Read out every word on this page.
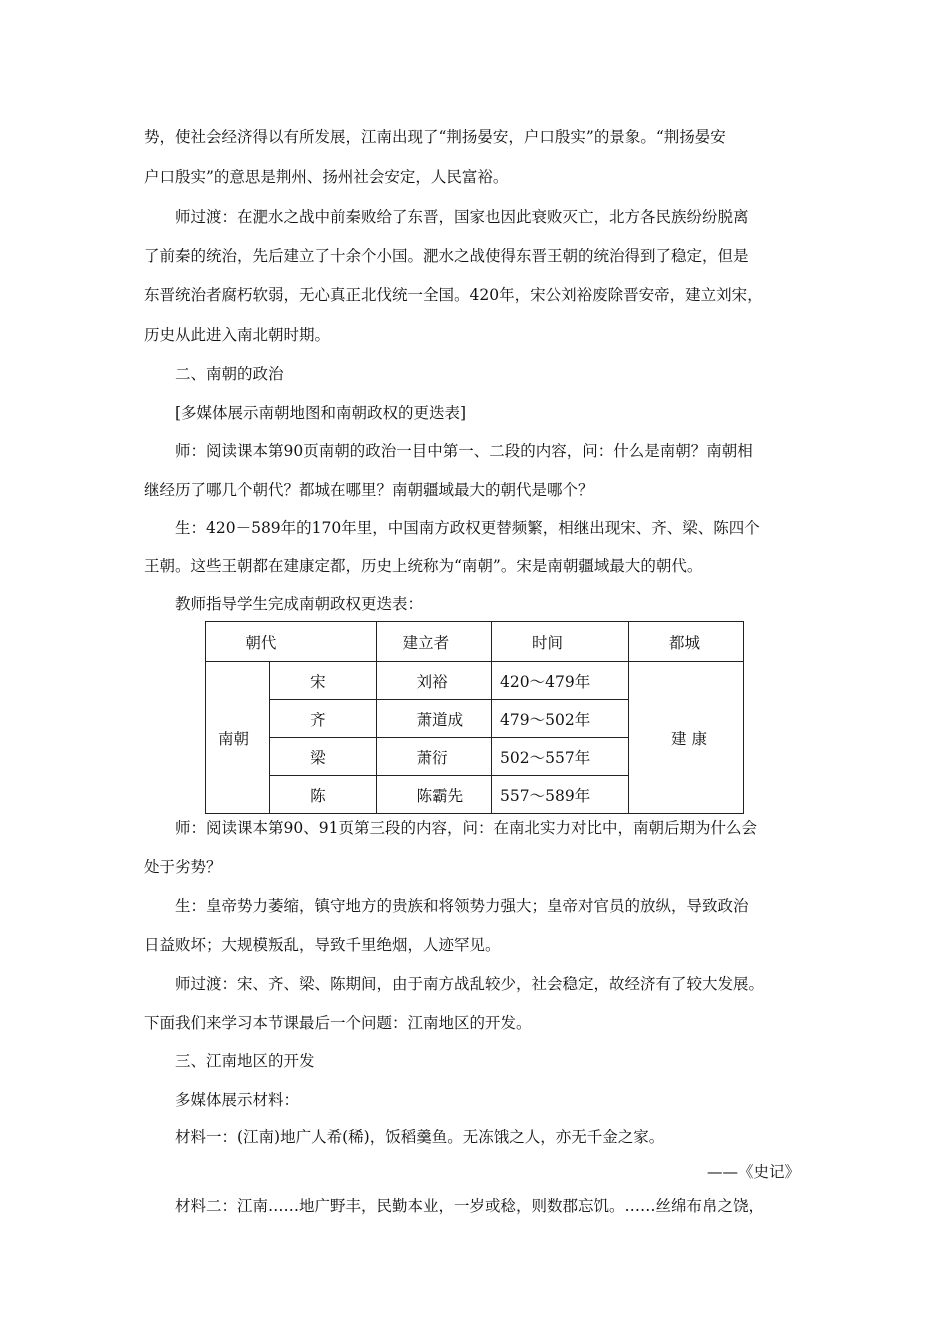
势，使社会经济得以有所发展，江南出现了“荆扬晏安，户口殷实”的景象。“荆扬晏安
户口殷实”的意思是荆州、扬州社会安定，人民富裕。
师过渡：在淝水之战中前秦败给了东晋，国家也因此衰败灭亡，北方各民族纷纷脱离
了前秦的统治，先后建立了十余个小国。淝水之战使得东晋王朝的统治得到了稳定，但是
东晋统治者腐朽软弱，无心真正北伐统一全国。420年，宋公刘裕废除晋安帝，建立刘宋，
历史从此进入南北朝时期。
二、南朝的政治
[多媒体展示南朝地图和南朝政权的更迭表]
师：阅读课本第90页南朝的政治一目中第一、二段的内容，问：什么是南朝？南朝相
继经历了哪几个朝代？都城在哪里？南朝疆域最大的朝代是哪个？
生：420－589年的170年里，中国南方政权更替频繁，相继出现宋、齐、梁、陈四个
王朝。这些王朝都在建康定都，历史上统称为“南朝”。宋是南朝疆域最大的朝代。
教师指导学生完成南朝政权更迭表：
朝代		建立者	时间	都城
南朝	宋	刘裕	420～479年	建 康
	齐	萧道成	479～502年	
	梁	萧衍	502～557年	
	陈	陈霸先	557～589年	
师：阅读课本第90、91页第三段的内容，问：在南北实力对比中，南朝后期为什么会
处于劣势？
生：皇帝势力萎缩，镇守地方的贵族和将领势力强大；皇帝对官员的放纵，导致政治
日益败坏；大规模叛乱，导致千里绝烟，人迹罕见。
师过渡：宋、齐、梁、陈期间，由于南方战乱较少，社会稳定，故经济有了较大发展。
下面我们来学习本节课最后一个问题：江南地区的开发。
三、江南地区的开发
多媒体展示材料：
材料一：(江南)地广人希(稀)，饭稻羹鱼。无冻饿之人，亦无千金之家。
——《史记》
材料二：江南……地广野丰，民勤本业，一岁或稔，则数郡忘饥。……丝绵布帛之饶，
